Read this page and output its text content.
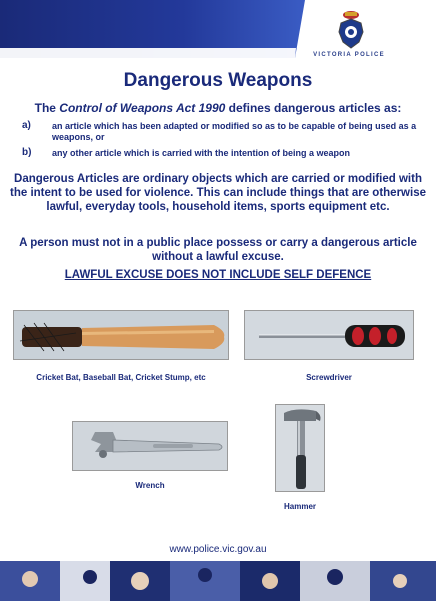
VICTORIA POLICE
Dangerous Weapons
The Control of Weapons Act 1990 defines dangerous articles as:
a) an article which has been adapted or modified so as to be capable of being used as a weapons, or
b) any other article which is carried with the intention of being a weapon
Dangerous Articles are ordinary objects which are carried or modified with the intent to be used for violence. This can include things that are otherwise lawful, everyday tools, household items, sports equipment etc.
A person must not in a public place possess or carry a dangerous article without a lawful excuse.
LAWFUL EXCUSE DOES NOT INCLUDE SELF DEFENCE
Cricket Bat, Baseball Bat, Cricket Stump, etc	Screwdriver
Wrench
Hammer
www.police.vic.gov.au
